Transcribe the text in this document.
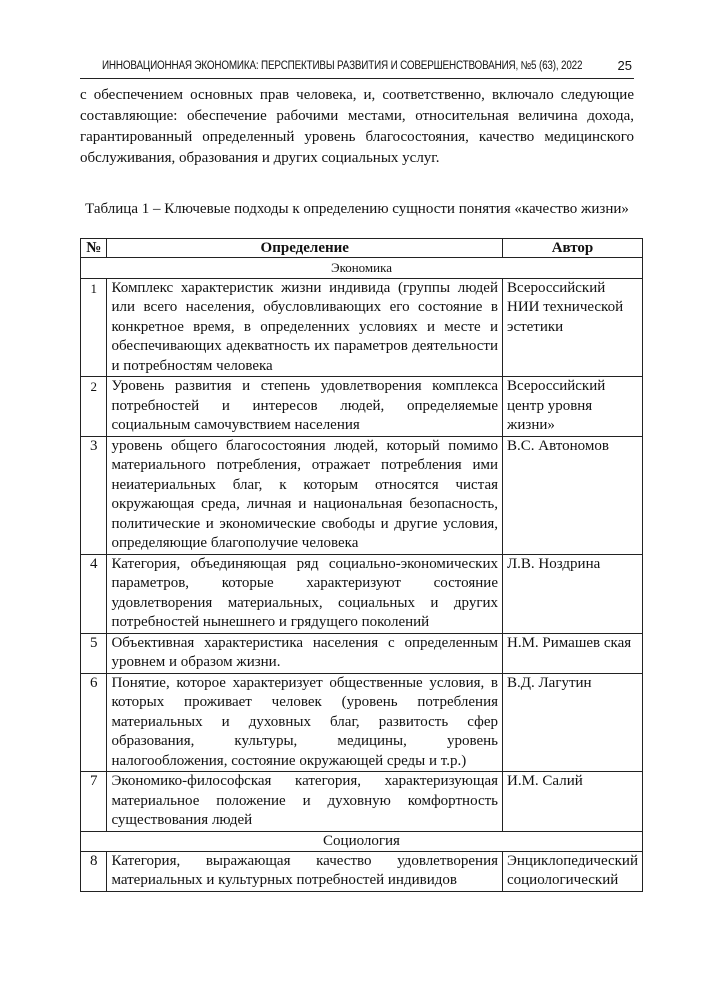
ИННОВАЦИОННАЯ ЭКОНОМИКА: ПЕРСПЕКТИВЫ РАЗВИТИЯ И СОВЕРШЕНСТВОВАНИЯ, №5 (63), 2022	25

с обеспечением основных прав человека, и, соответственно, включало следующие составляющие: обеспечение рабочими местами, относительная величина дохода, гарантированный определенный уровень благосостояния, качество медицинского обслуживания, образования и других социальных услуг.

Таблица 1 – Ключевые подходы к определению сущности понятия «качество жизни»
№	Определение	Автор
Экономика		
1	Комплекс характеристик жизни индивида (группы людей или всего населения, обусловливающих его состояние в конкретное время, в определенних условиях и месте и обеспечивающих адекватность их параметров деятельности и потребностям человека	Всероссийский НИИ технической эстетики
2	Уровень развития и степень удовлетворения комплекса потребностей и интересов людей, определяемые социальным самочувствием населения	Всероссийский центр уровня жизни»
3	уровень общего благосостояния людей, который помимо материального потребления, отражает потребления ими неиатериальных благ, к которым относятся чистая окружающая среда, личная и национальная безопасность, политические и экономические свободы и другие условия, определяющие благополучие человека	В.С. Автономов
4	Категория, объединяющая ряд социально-экономических параметров, которые характеризуют состояние удовлетворения материальных, социальных и других потребностей нынешнего и грядущего поколений	Л.В. Ноздрина
5	Объективная характеристика населения с определенным уровнем и образом жизни.	Н.М. Римашев ская
6	Понятие, которое характеризует общественные условия, в которых проживает человек (уровень потребления материальных и духовных благ, развитость сфер образования, культуры, медицины, уровень налогообложения, состояние окружающей среды и т.р.)	В.Д. Лагутин
7	Экономико-философская категория, характеризующая материальное положение и духовную комфортность существования людей	И.М. Салий
Социология		
8	Категория, выражающая качество удовлетворения материальных и культурных потребностей индивидов	Энциклопедический социологический
